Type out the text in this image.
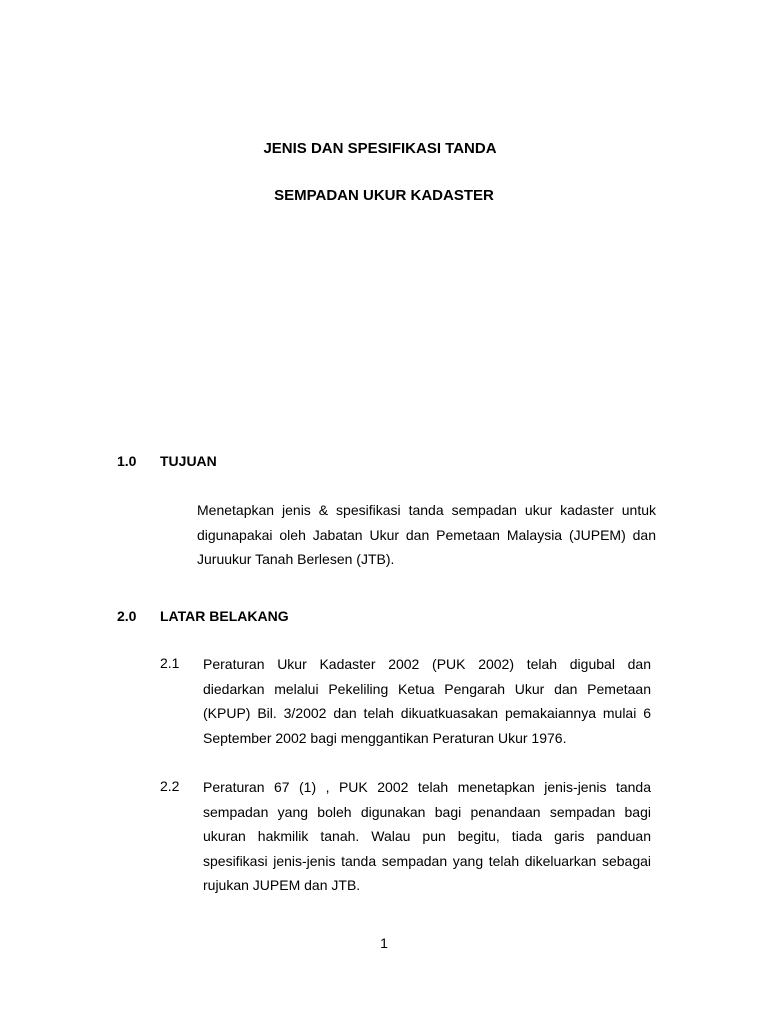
JENIS DAN SPESIFIKASI TANDA
SEMPADAN UKUR KADASTER
1.0 TUJUAN
Menetapkan jenis & spesifikasi tanda sempadan ukur kadaster untuk
digunapakai oleh Jabatan Ukur dan Pemetaan Malaysia (JUPEM) dan
Juruukur Tanah Berlesen (JTB).
2.0 LATAR BELAKANG
2.1 Peraturan Ukur Kadaster 2002 (PUK 2002) telah digubal dan
diedarkan melalui Pekeliling Ketua Pengarah Ukur dan Pemetaan
(KPUP) Bil. 3/2002 dan telah dikuatkuasakan pemakaiannya mulai 6
September 2002 bagi menggantikan Peraturan Ukur 1976.
2.2 Peraturan 67 (1) , PUK 2002 telah menetapkan jenis-jenis tanda
sempadan yang boleh digunakan bagi penandaan sempadan bagi
ukuran hakmilik tanah. Walau pun begitu, tiada garis panduan
spesifikasi jenis-jenis tanda sempadan yang telah dikeluarkan sebagai
rujukan JUPEM dan JTB.
1
